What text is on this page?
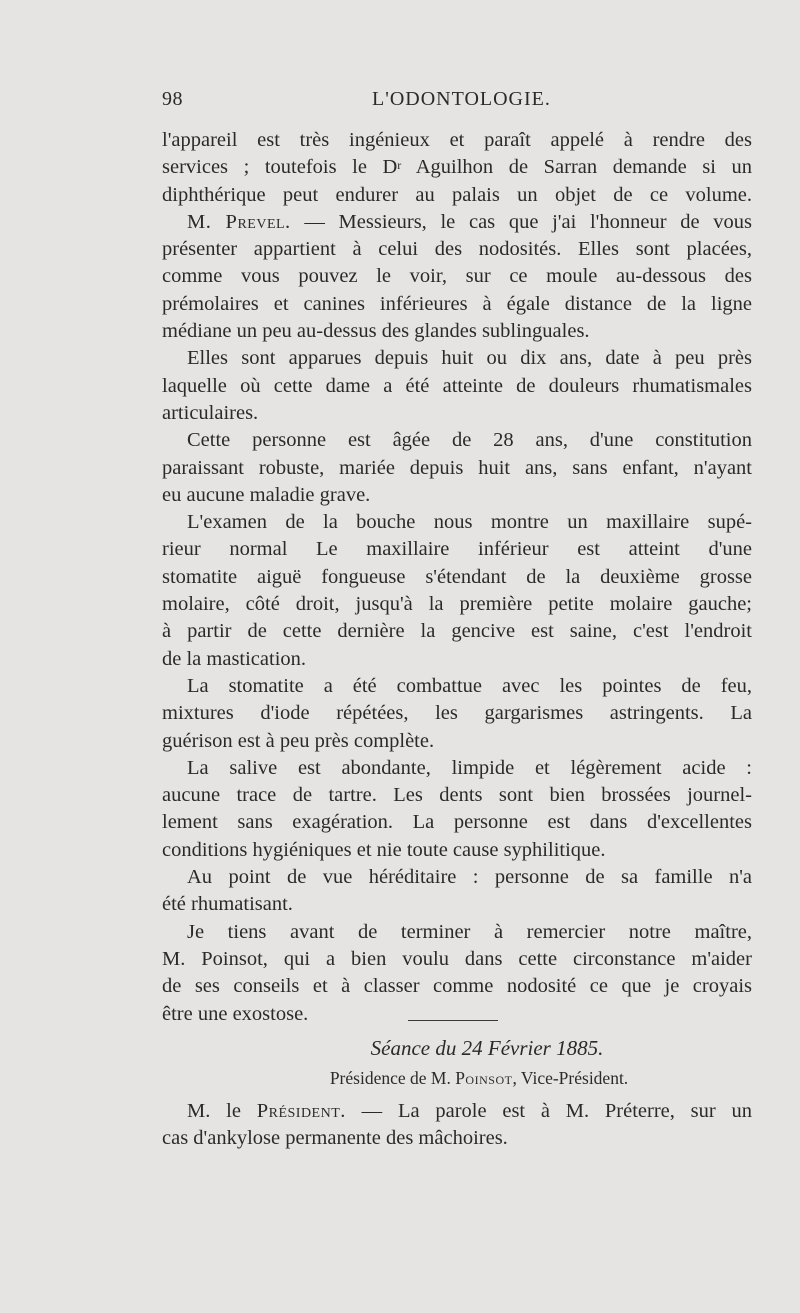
98	L'ODONTOLOGIE.
l'appareil est très ingénieux et paraît appelé à rendre des
services ; toutefois le $D^r$ Aguilhon de Sarran demande si un
diphthérique peut endurer au palais un objet de ce volume.
M. Prevel. — Messieurs, le cas que j'ai l'honneur de vous
présenter appartient à celui des nodosités. Elles sont placées,
comme vous pouvez le voir, sur ce moule au-dessous des
prémolaires et canines inférieures à égale distance de la ligne
médiane un peu au-dessus des glandes sublinguales.
Elles sont apparues depuis huit ou dix ans, date à peu près
laquelle où cette dame a été atteinte de douleurs rhumatismales
articulaires.
Cette personne est âgée de 28 ans, d'une constitution
paraissant robuste, mariée depuis huit ans, sans enfant, n'ayant
eu aucune maladie grave.
L'examen de la bouche nous montre un maxillaire supé-
rieur normal Le maxillaire inférieur est atteint d'une
stomatite aiguë fongueuse s'étendant de la deuxième grosse
molaire, côté droit, jusqu'à la première petite molaire gauche;
à partir de cette dernière la gencive est saine, c'est l'endroit
de la mastication.
La stomatite a été combattue avec les pointes de feu,
mixtures d'iode répétées, les gargarismes astringents. La
guérison est à peu près complète.
La salive est abondante, limpide et légèrement acide :
aucune trace de tartre. Les dents sont bien brossées journel-
lement sans exagération. La personne est dans d'excellentes
conditions hygiéniques et nie toute cause syphilitique.
Au point de vue héréditaire : personne de sa famille n'a
été rhumatisant.
Je tiens avant de terminer à remercier notre maître,
M. Poinsot, qui a bien voulu dans cette circonstance m'aider
de ses conseils et à classer comme nodosité ce que je croyais
être une exostose.
Séance du 24 Février 1885.
Présidence de M. Poinsot, Vice-Président.
M. le Président. — La parole est à M. Préterre, sur un
cas d'ankylose permanente des mâchoires.
